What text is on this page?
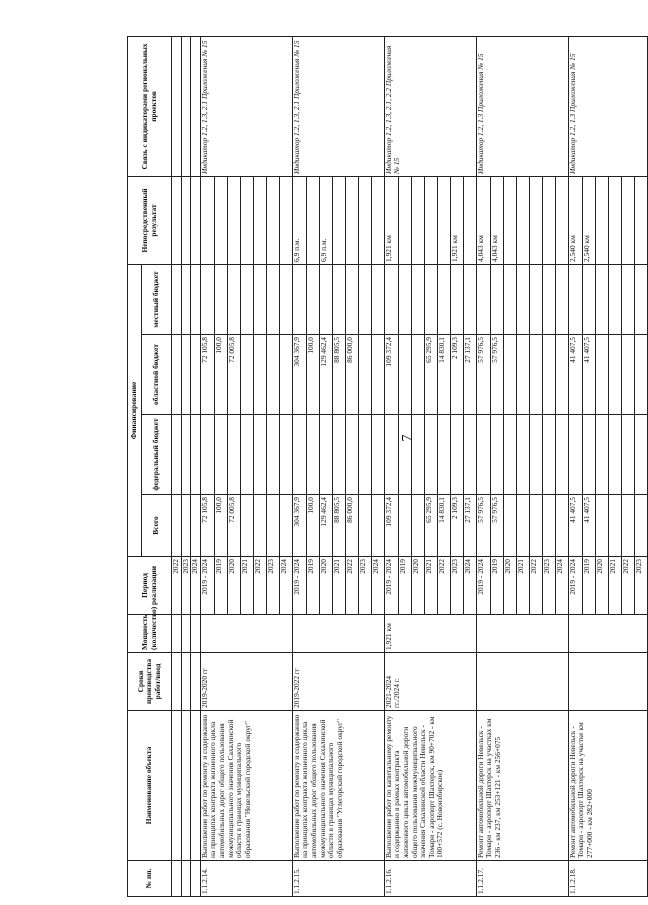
7
№ пп.	Наименование объекта	Сроки производства работ/ввод	Мощность (количество)	Период реализации	Финансирование				Непосредственный результат	Связь с индикаторами региональных проектов
					Всего	федеральный бюджет	областной бюджет	местный бюджет		
				2022						
				2023						
				2024						
1.1.2.14.	Выполнение работ по ремонту и содержанию на принципах контракта жизненного цикла автомобильных дорог общего пользования межмуниципального значения Сахалинской области в границах муниципального образования "Невельский городской округ"	2019-2020 гг		2019 - 2024	72 105,8		72 105,8			Индикатор 1.2, 1.3, 2.1 Приложения № 15
				2019	100,0		100,0			
				2020	72 005,8		72 005,8			
				2021						
				2022						
				2023						
				2024						
1.1.2.15.	Выполнение работ по ремонту и содержанию на принципах контракта жизненного цикла автомобильных дорог общего пользования межмуниципального значения Сахалинской области в границах муниципального образования "Углегорский городской округ"	2019-2022 гг		2019 - 2024	304 367,9		304 367,9		6,9 п.м.	Индикатор 1.2, 1.3, 2.1 Приложения № 15
				2019	100,0		100,0			
				2020	129 462,4		129 462,4		6,9 п.м.	
				2021	88 805,5		88 805,5			
				2022	86 000,0		86 000,0			
				2023						
				2024						
1.1.2.16.	Выполнение работ по капитальному ремонту и содержанию в рамках контракта жизненного цикла автомобильной дороги общего пользования межмуниципального значения Сахалинской области Невельск - Томари - аэропорт Шахтерск, км 90+702 - км 100+572 (с. Новоизбирское)	2021-2024 гг./2024 г.	1,921 км	2019 - 2024	109 372,4		109 372,4		1,921 км	Индикатор 1.2, 1.3, 2.1, 2.2 Приложения № 15
				2019						
				2020						
				2021	65 295,9		65 295,9			
				2022	14 830,1		14 830,1			
				2023	2 109,3		2 109,3		1,921 км	
				2024	27 137,1		27 137,1			
1.1.2.17.	Ремонт автомобильной дороги Невельск - Томари - аэропорт Шахтерск на участках км 236 - км 237, км 253+121 - км 256+075			2019 - 2024	57 976,5		57 976,5		4,043 км	Индикатор 1.2, 1.3 Приложения № 15
				2019	57 976,5		57 976,5		4,043 км	
				2020						
				2021						
				2022						
				2023						
				2024						
1.1.2.18.	Ремонт автомобильной дороги Невельск - Томари - аэропорт Шахтерск на участке км 277+000 - км 282+000			2019 - 2024	41 407,5		41 407,5		2,540 км	Индикатор 1.2, 1.3 Приложения № 15
				2019	41 407,5		41 407,5		2,540 км	
				2020						
				2021						
				2022						
				2023						
